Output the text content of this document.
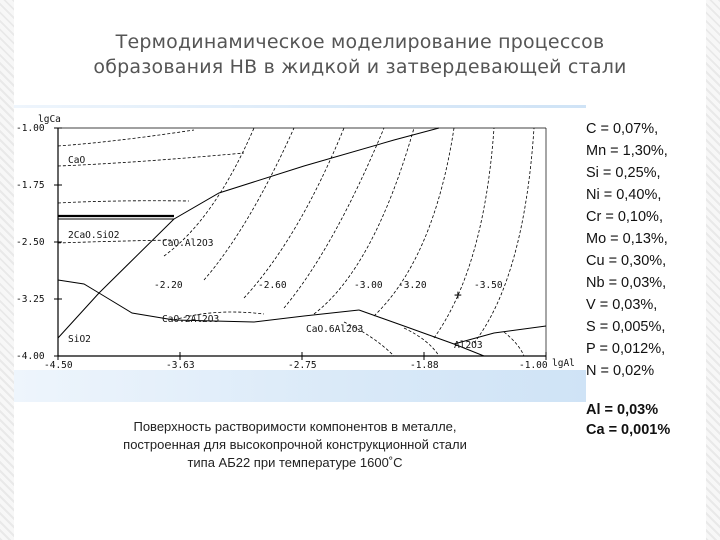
Термодинамическое моделирование процессов
образования НВ в жидкой и затвердевающей стали
lgCa
lgAl
-1.00
-1.75
-2.50
-3.25
-4.00
-4.50	-3.63	-2.75	-1.88	-1.00
CaO
2CaO.SiO2
CaO.Al2O3
CaO.2Al2O3
SiO2
CaO.6Al2O3
Al2O3
-2.20	-2.60	-3.00 -3.20	-3.50
+
C = 0,07%,
Mn = 1,30%,
Si = 0,25%,
Ni = 0,40%,
Cr = 0,10%,
Mo = 0,13%,
Cu = 0,30%,
Nb = 0,03%,
V = 0,03%,
S = 0,005%,
P = 0,012%,
N = 0,02%
Al = 0,03%
Ca = 0,001%
Поверхность растворимости компонентов в металле,
построенная для высокопрочной конструкционной стали
типа АБ22 при температуре 1600˚С
